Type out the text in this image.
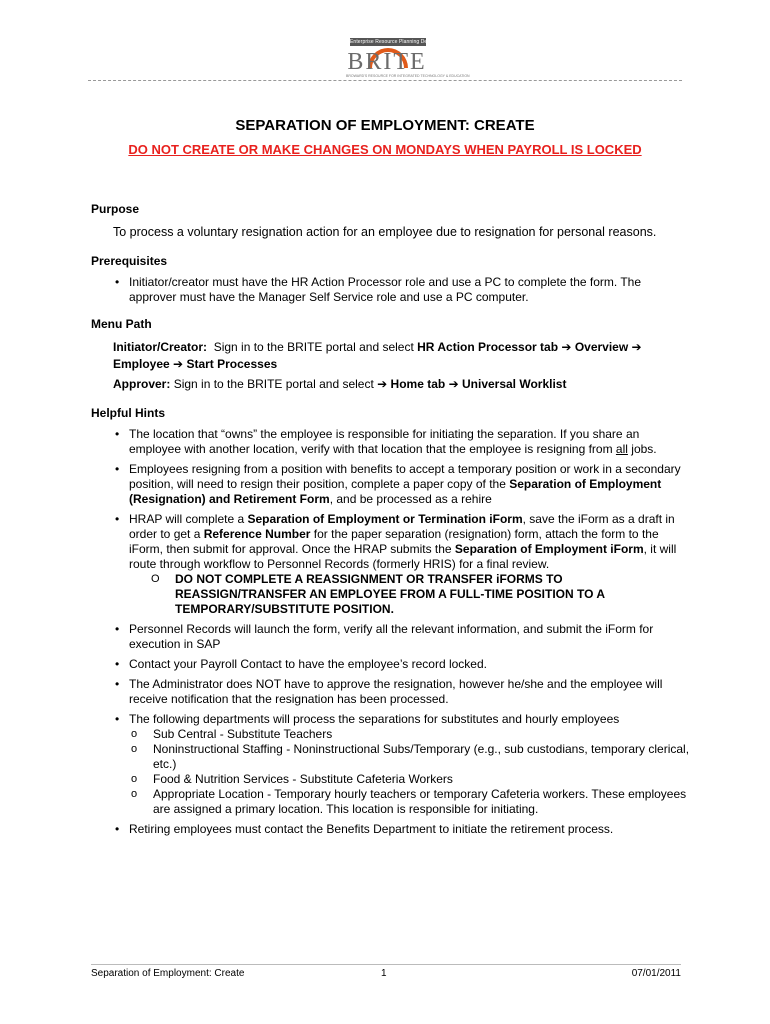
Enterprise Resource Planning Department
BRITE
BROWARD'S RESOURCE FOR INTEGRATED TECHNOLOGY & EDUCATION
SEPARATION OF EMPLOYMENT: CREATE
DO NOT CREATE OR MAKE CHANGES ON MONDAYS WHEN PAYROLL IS LOCKED

Purpose

To process a voluntary resignation action for an employee due to resignation for personal reasons.

Prerequisites

• Initiator/creator must have the HR Action Processor role and use a PC to complete the form. The approver must have the Manager Self Service role and use a PC computer.

Menu Path

Initiator/Creator: Sign in to the BRITE portal and select HR Action Processor tab ➔ Overview ➔ Employee ➔ Start Processes
Approver: Sign in to the BRITE portal and select ➔ Home tab ➔ Universal Worklist

Helpful Hints

• The location that “owns” the employee is responsible for initiating the separation. If you share an employee with another location, verify with that location that the employee is resigning from all jobs.
• Employees resigning from a position with benefits to accept a temporary position or work in a secondary position, will need to resign their position, complete a paper copy of the Separation of Employment (Resignation) and Retirement Form, and be processed as a rehire
• HRAP will complete a Separation of Employment or Termination iForm, save the iForm as a draft in order to get a Reference Number for the paper separation (resignation) form, attach the form to the iForm, then submit for approval. Once the HRAP submits the Separation of Employment iForm, it will route through workflow to Personnel Records (formerly HRIS) for a final review.
O DO NOT COMPLETE A REASSIGNMENT OR TRANSFER iFORMS TO REASSIGN/TRANSFER AN EMPLOYEE FROM A FULL-TIME POSITION TO A TEMPORARY/SUBSTITUTE POSITION.
• Personnel Records will launch the form, verify all the relevant information, and submit the iForm for execution in SAP
• Contact your Payroll Contact to have the employee’s record locked.
• The Administrator does NOT have to approve the resignation, however he/she and the employee will receive notification that the resignation has been processed.
• The following departments will process the separations for substitutes and hourly employees
o Sub Central - Substitute Teachers
o Noninstructional Staffing - Noninstructional Subs/Temporary (e.g., sub custodians, temporary clerical, etc.)
o Food & Nutrition Services - Substitute Cafeteria Workers
o Appropriate Location - Temporary hourly teachers or temporary Cafeteria workers. These employees are assigned a primary location. This location is responsible for initiating.
• Retiring employees must contact the Benefits Department to initiate the retirement process.
Separation of Employment: Create	1	07/01/2011
